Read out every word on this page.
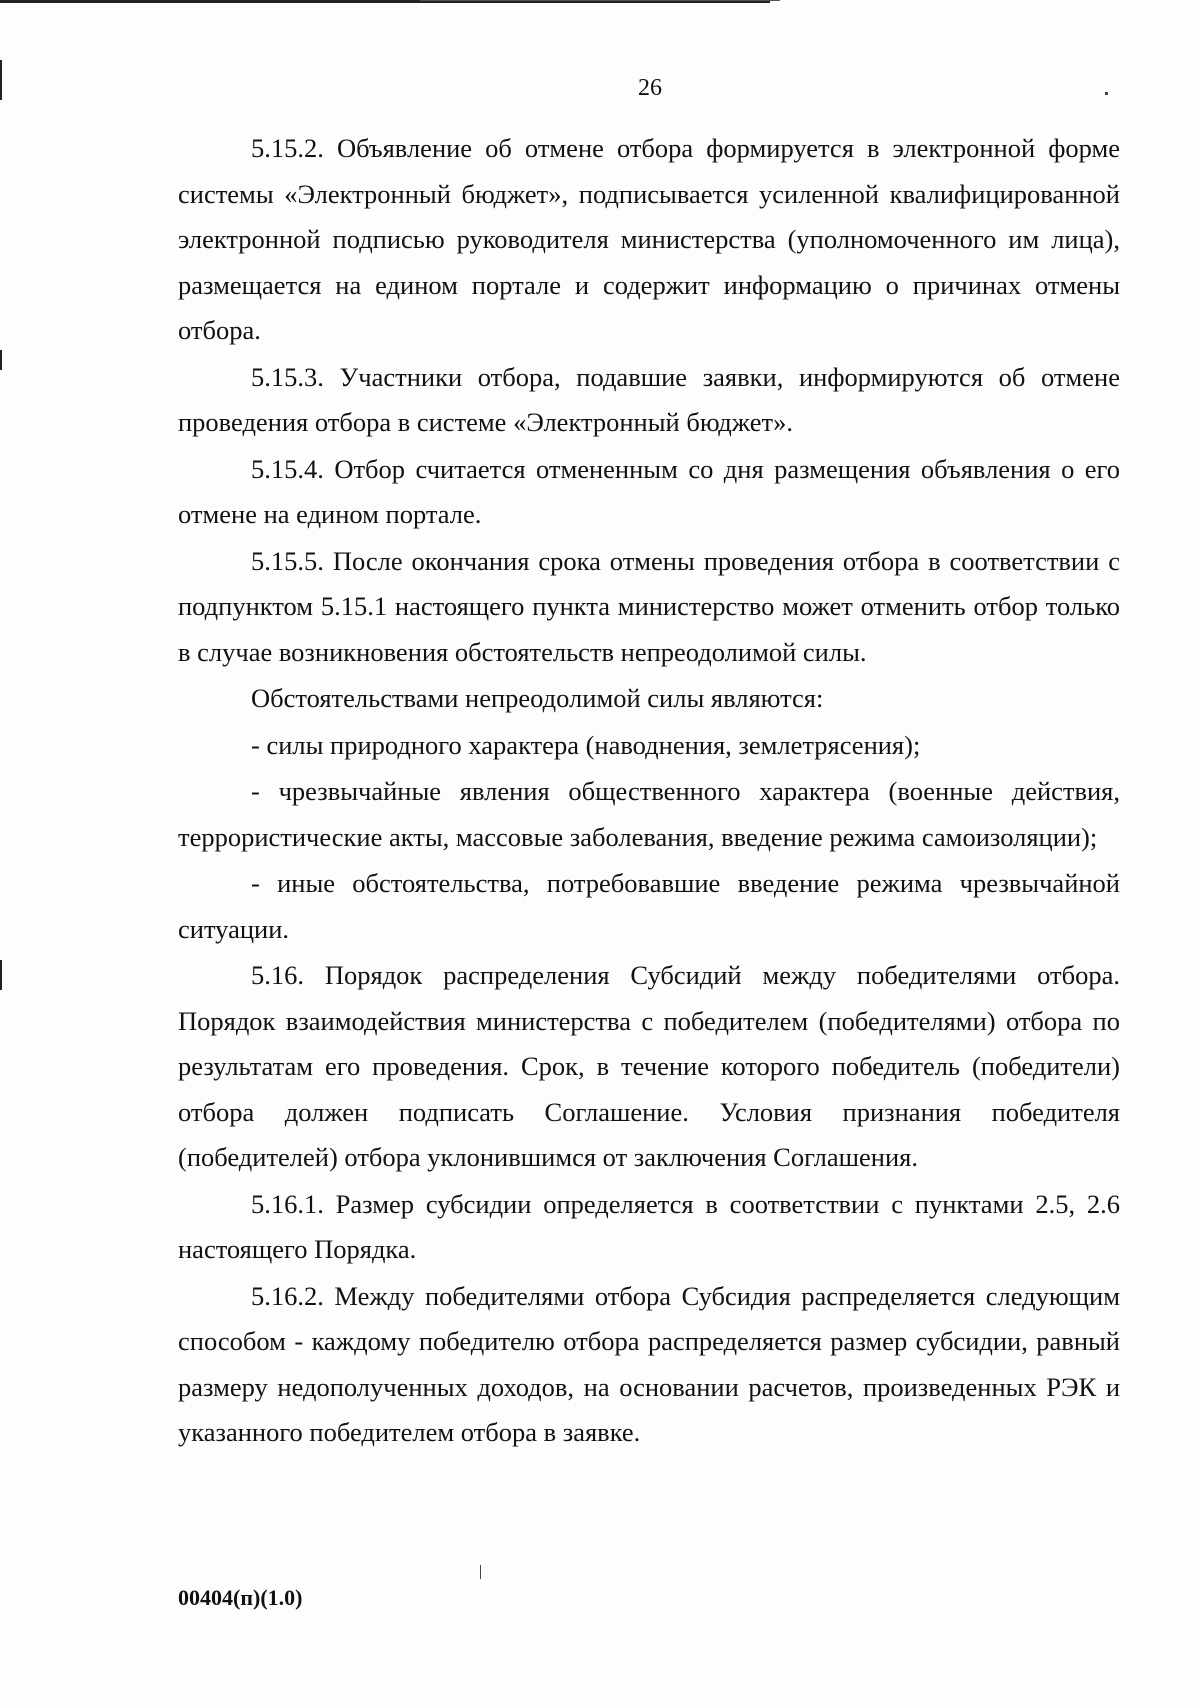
26

5.15.2. Объявление об отмене отбора формируется в электронной форме системы «Электронный бюджет», подписывается усиленной квалифицированной электронной подписью руководителя министерства (уполномоченного им лица), размещается на едином портале и содержит информацию о причинах отмены отбора.

5.15.3. Участники отбора, подавшие заявки, информируются об отмене проведения отбора в системе «Электронный бюджет».

5.15.4. Отбор считается отмененным со дня размещения объявления о его отмене на едином портале.

5.15.5. После окончания срока отмены проведения отбора в соответствии с подпунктом 5.15.1 настоящего пункта министерство может отменить отбор только в случае возникновения обстоятельств непреодолимой силы.

Обстоятельствами непреодолимой силы являются:

- силы природного характера (наводнения, землетрясения);

- чрезвычайные явления общественного характера (военные действия, террористические акты, массовые заболевания, введение режима самоизоляции);

- иные обстоятельства, потребовавшие введение режима чрезвычайной ситуации.

5.16. Порядок распределения Субсидий между победителями отбора. Порядок взаимодействия министерства с победителем (победителями) отбора по результатам его проведения. Срок, в течение которого победитель (победители) отбора должен подписать Соглашение. Условия признания победителя (победителей) отбора уклонившимся от заключения Соглашения.

5.16.1. Размер субсидии определяется в соответствии с пунктами 2.5, 2.6 настоящего Порядка.

5.16.2. Между победителями отбора Субсидия распределяется следующим способом - каждому победителю отбора распределяется размер субсидии, равный размеру недополученных доходов, на основании расчетов, произведенных РЭК и указанного победителем отбора в заявке.

00404(п)(1.0)
